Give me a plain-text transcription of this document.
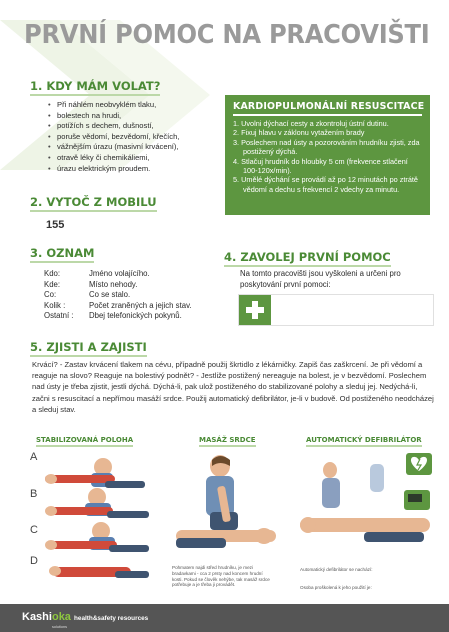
PRVNÍ POMOC NA PRACOVIŠTI
1. KDY MÁM VOLAT?
• Při náhlém neobvyklém tlaku,
• bolestech na hrudi,
• potížích s dechem, dušností,
• poruše vědomí, bezvědomí, křečích,
• vážnějším úrazu (masivní krvácení),
• otravě léky či chemikáliemi,
• úrazu elektrickým proudem.
KARDIOPULMONÁLNÍ RESUSCITACE
1. Uvolni dýchací cesty a zkontroluj ústní dutinu.
2. Fixuj hlavu v záklonu vytažením brady
3. Poslechem nad ústy a pozorováním hrudníku zjisti, zda postižený dýchá.
4. Stlačuj hrudník do hloubky 5 cm (frekvence stlačení 100-120x/min).
5. Umělé dýchání se provádí až po 12 minutách po ztrátě vědomí a dechu s frekvencí 2 vdechy za minutu.
2. VYTOČ Z MOBILU
155
3. OZNAM
Kdo:	Jméno volajícího.
Kde:	Místo nehody.
Co:	Co se stalo.
Kolik :	Počet zraněných a jejich stav.
Ostatní :	Dbej telefonických pokynů.
4. ZAVOLEJ PRVNÍ POMOC
Na tomto pracovišti jsou vyškoleni a určeni pro poskytování první pomoci:
5. ZJISTI A ZAJISTI
Krvácí? - Zastav krvácení tlakem na cévu, případně použij škrtidlo z lékárničky. Zapiš čas zaškrcení. Je při vědomí a reaguje na slovo? Reaguje na bolestivý podnět? - Jestliže postižený nereaguje na bolest, je v bezvědomí. Poslechem nad ústy je třeba zjistit, jestli dýchá. Dýchá-li, pak ulož postiženého do stabilizované polohy a sleduj jej. Nedýchá-li, začni s resuscitací a nepřímou masáží srdce. Použij automatický defibrilátor, je-li v budově. Od postiženého neodcházej a sleduj stav.
STABILIZOVANÁ POLOHA	MASÁŽ SRDCE	AUTOMATICKÝ DEFIBRILÁTOR
A
B
C
D
Pohmatem najdi střed hrudníku, je mezi bradavkami - cca 2 prsty nad koncem hrudní kosti. Pokud se člověk nehýbe, tak masáž srdce potřebuje a je třeba ji provádět.
Automatický defibrilátor se nachází:
Osoba proškolená k jeho použití je:
Kashioka
solutions
health&safety resources
